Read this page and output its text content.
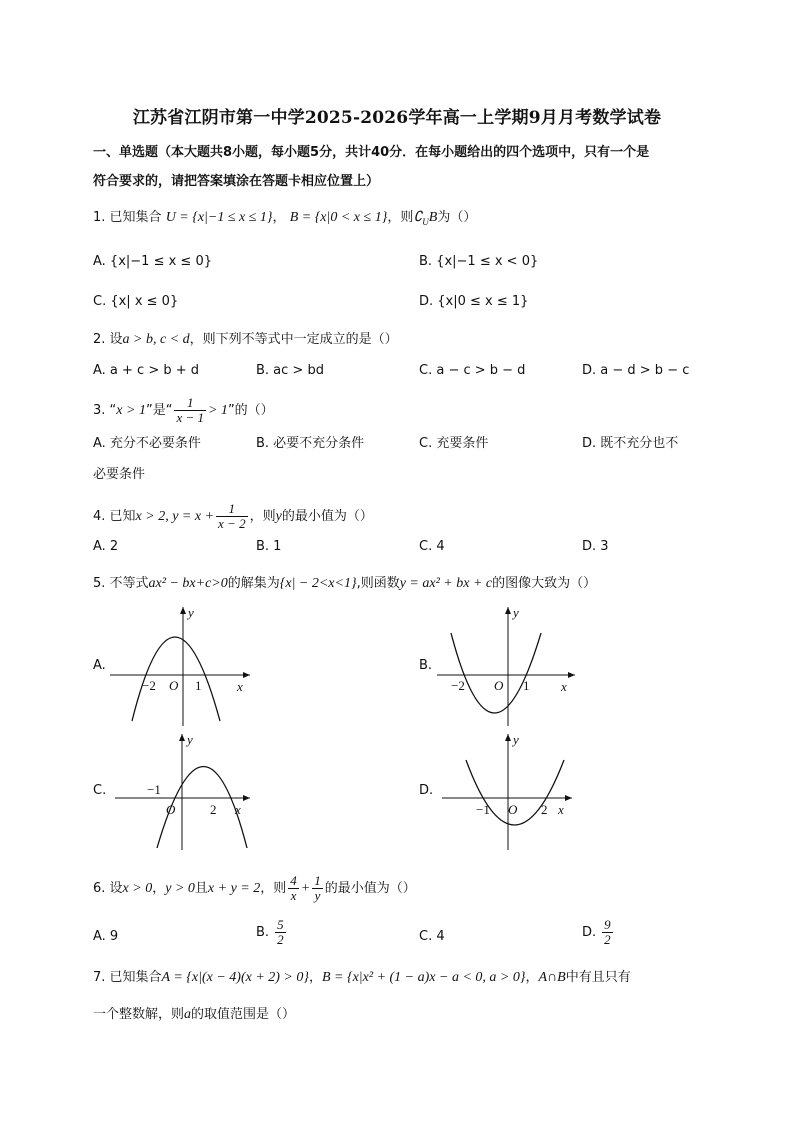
江苏省江阴市第一中学2025-2026学年高一上学期9月月考数学试卷
一、单选题（本大题共8小题，每小题5分，共计40分．在每小题给出的四个选项中，只有一个是
符合要求的，请把答案填涂在答题卡相应位置上）
1. 已知集合 U = {x|−1 ≤ x ≤ 1}， B = {x|0 < x ≤ 1}，则$∁_UB$为（）
A. {x|−1 ≤ x ≤ 0}	B. {x|−1 ≤ x < 0}
C. {x| x ≤ 0}	D. {x|0 ≤ x ≤ 1}
2. 设a > b, c < d，则下列不等式中一定成立的是（）
A. a + c > b + d	B. ac > bd	C. a − c > b − d	D. a − d > b − c
3. “x > 1”是“ $\frac{1}{x - 1} > 1$”的（）
A. 充分不必要条件	B. 必要不充分条件	C. 充要条件	D. 既不充分也不
必要条件
4. 已知x > 2, $y = x + \frac{1}{x - 2}$ ，则y的最小值为（）
A. 2	B. 1	C. 4	D. 3
5. 不等式ax² − bx+c>0的解集为{x| − 2<x<1},则函数y = ax² + bx + c的图像大致为（）
A.	B.
C.	D.
y
x
−2 O 1
y
x
−2 O 1
y
x
−1
O	2
y
x
−1 O 2
6. 设x > 0，y > 0且x + y = 2，则 $\frac{4}{x} + \frac{1}{y}$ 的最小值为（）
A. 9	B. $\frac{5}{2}$	C. 4	D. $\frac{9}{2}$
7. 已知集合A = {x|(x − 4)(x + 2) > 0}，B = {x|x² + (1 − a)x − a < 0, a > 0}，A∩B中有且只有
一个整数解，则a的取值范围是（）
